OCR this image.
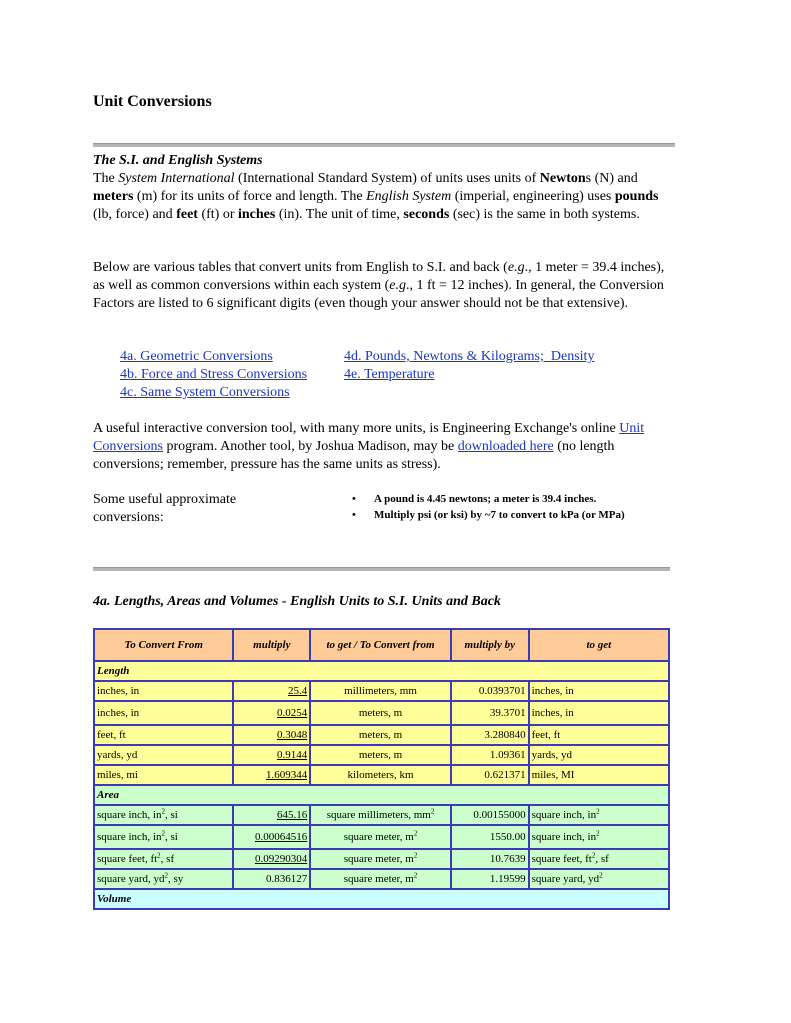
Unit Conversions
The S.I. and English Systems
The System International (International Standard System) of units uses units of Newtons (N) and meters (m) for its units of force and length. The English System (imperial, engineering) uses pounds (lb, force) and feet (ft) or inches (in). The unit of time, seconds (sec) is the same in both systems.
Below are various tables that convert units from English to S.I. and back (e.g., 1 meter = 39.4 inches), as well as common conversions within each system (e.g., 1 ft = 12 inches). In general, the Conversion Factors are listed to 6 significant digits (even though your answer should not be that extensive).
4a. Geometric Conversions
4b. Force and Stress Conversions
4c. Same System Conversions
4d. Pounds, Newtons & Kilograms;  Density
4e. Temperature
A useful interactive conversion tool, with many more units, is Engineering Exchange's online Unit Conversions program. Another tool, by Joshua Madison, may be downloaded here (no length conversions; remember, pressure has the same units as stress).
Some useful approximate conversions:
• A pound is 4.45 newtons; a meter is 39.4 inches.
• Multiply psi (or ksi) by ~7 to convert to kPa (or MPa)
4a. Lengths, Areas and Volumes - English Units to S.I. Units and Back
To Convert From	multiply	to get / To Convert from	multiply by	to get
Length				
inches, in	25.4	millimeters, mm	0.0393701	inches, in
inches, in	0.0254	meters, m	39.3701	inches, in
feet, ft	0.3048	meters, m	3.280840	feet, ft
yards, yd	0.9144	meters, m	1.09361	yards, yd
miles, mi	1.609344	kilometers, km	0.621371	miles, MI
Area				
square inch, $in^2$, si	645.16	square millimeters, $mm^2$	0.00155000	square inch, $in^2$
square inch, $in^2$, si	0.00064516	square meter, $m^2$	1550.00	square inch, $in^2$
square feet, $ft^2$, sf	0.09290304	square meter, $m^2$	10.7639	square feet, $ft^2$, sf
square yard, $yd^2$, sy	0.836127	square meter, $m^2$	1.19599	square yard, $yd^2$
Volume				
